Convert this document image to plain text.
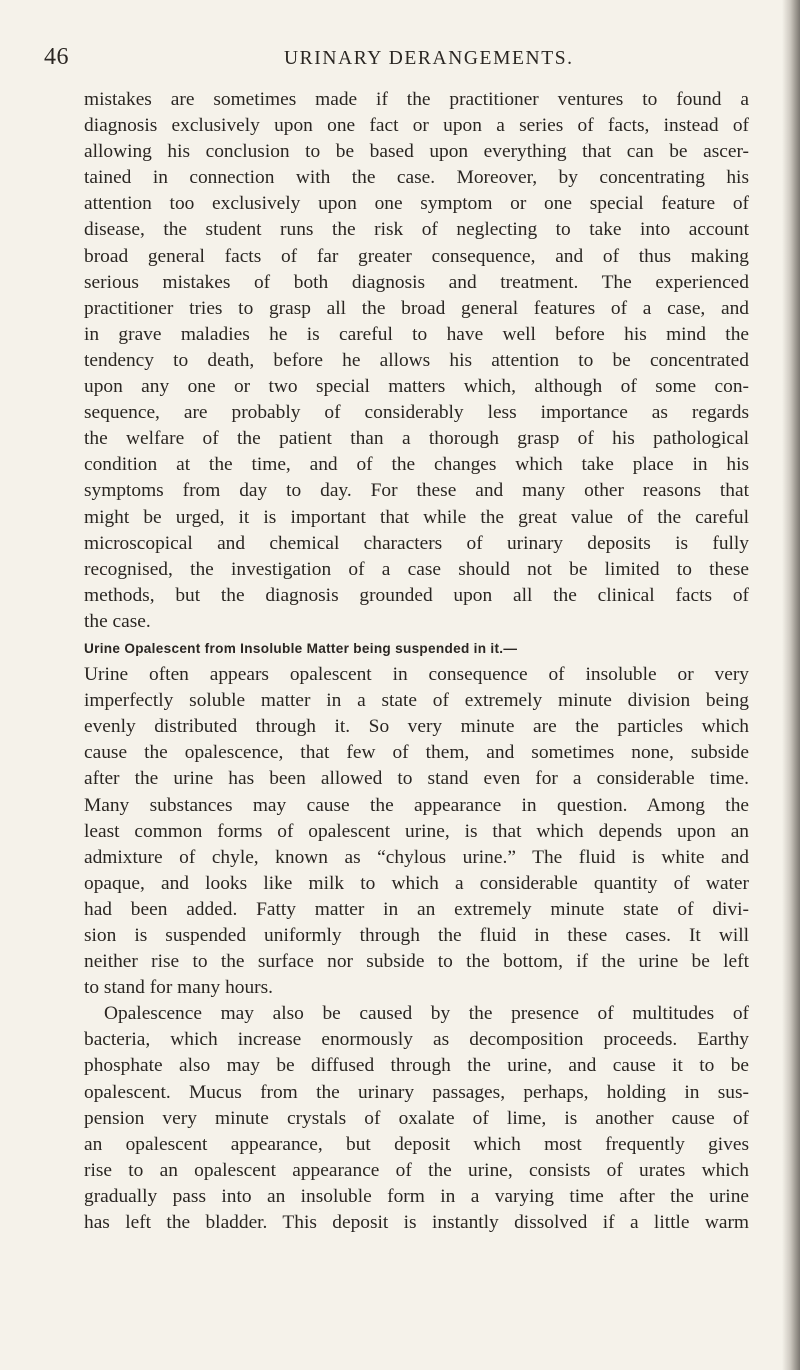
46	URINARY DERANGEMENTS.
mistakes are sometimes made if the practitioner ventures to found a
diagnosis exclusively upon one fact or upon a series of facts, instead of
allowing his conclusion to be based upon everything that can be ascer-
tained in connection with the case. Moreover, by concentrating his
attention too exclusively upon one symptom or one special feature of
disease, the student runs the risk of neglecting to take into account
broad general facts of far greater consequence, and of thus making
serious mistakes of both diagnosis and treatment. The experienced
practitioner tries to grasp all the broad general features of a case, and
in grave maladies he is careful to have well before his mind the
tendency to death, before he allows his attention to be concentrated
upon any one or two special matters which, although of some con-
sequence, are probably of considerably less importance as regards
the welfare of the patient than a thorough grasp of his pathological
condition at the time, and of the changes which take place in his
symptoms from day to day. For these and many other reasons that
might be urged, it is important that while the great value of the careful
microscopical and chemical characters of urinary deposits is fully
recognised, the investigation of a case should not be limited to these
methods, but the diagnosis grounded upon all the clinical facts of
the case.
Urine Opalescent from Insoluble Matter being suspended in it.—
Urine often appears opalescent in consequence of insoluble or very
imperfectly soluble matter in a state of extremely minute division being
evenly distributed through it. So very minute are the particles which
cause the opalescence, that few of them, and sometimes none, subside
after the urine has been allowed to stand even for a considerable time.
Many substances may cause the appearance in question. Among the
least common forms of opalescent urine, is that which depends upon an
admixture of chyle, known as “chylous urine.” The fluid is white and
opaque, and looks like milk to which a considerable quantity of water
had been added. Fatty matter in an extremely minute state of divi-
sion is suspended uniformly through the fluid in these cases. It will
neither rise to the surface nor subside to the bottom, if the urine be left
to stand for many hours.
Opalescence may also be caused by the presence of multitudes of
bacteria, which increase enormously as decomposition proceeds. Earthy
phosphate also may be diffused through the urine, and cause it to be
opalescent. Mucus from the urinary passages, perhaps, holding in sus-
pension very minute crystals of oxalate of lime, is another cause of
an opalescent appearance, but deposit which most frequently gives
rise to an opalescent appearance of the urine, consists of urates which
gradually pass into an insoluble form in a varying time after the urine
has left the bladder. This deposit is instantly dissolved if a little warm
